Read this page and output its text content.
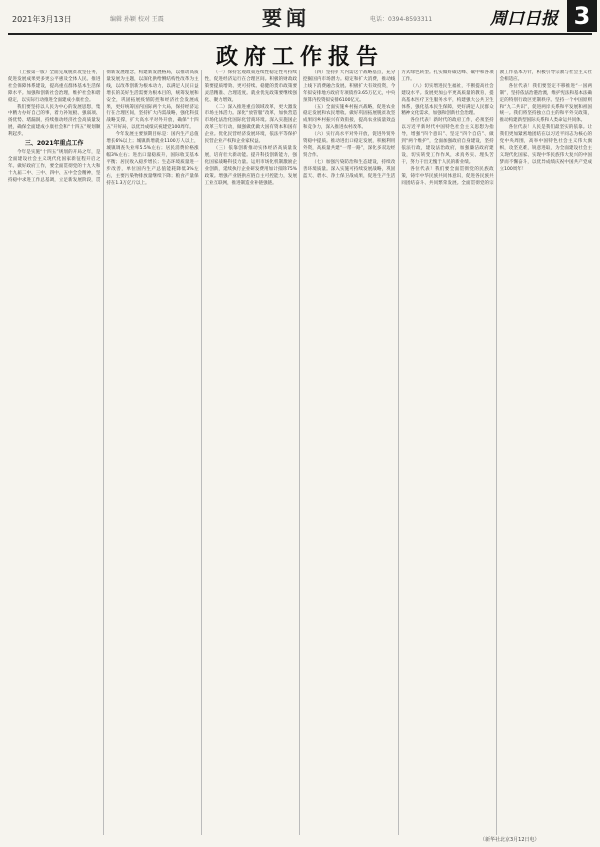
2021年3月13日	编辑 孙颖 校对 王震	要闻	电话：0394-8593311	周口日报 3
政府工作报告

（上接第一版）全面完成脱贫攻坚任务，促进发展成果更多更公平惠及全体人民。推进社会保障体系建设，提高重点群体基本生活保障水平。加强和创新社会治理，维护社会和谐稳定，以实际行动推进全面建成小康社会。

我们要坚持以人民为中心的发展思想，集中精力办好自己的事，着力补短板、强弱项、扬优势、堵漏洞，持续推动经济社会高质量发展，确保全面建成小康社会和“十四五”规划顺利起步。

三、2021年重点工作

今年是实施“十四五”规划的开局之年，是全面建设社会主义现代化国家新征程开启之年。做好政府工作，要全面贯彻党的十九大和十九届二中、三中、四中、五中全会精神，坚持稳中求进工作总基调，立足新发展阶段，贯彻新发展理念，构建新发展格局，以推动高质量发展为主题，以深化供给侧结构性改革为主线，以改革创新为根本动力，以满足人民日益增长的美好生活需要为根本目的，统筹发展和安全，巩固拓展疫情防控和经济社会发展成果，更好统筹国内国际两个大局，保持经济运行在合理区间，坚持扩大内需战略，强化科技战略支撑，扩大高水平对外开放，确保“十四五”开好局，以优异成绩庆祝建党100周年。

今年发展主要预期目标是：国内生产总值增长6%以上；城镇新增就业1100万人以上，城镇调查失业率5.5%左右；居民消费价格涨幅3%左右；进出口量稳质升，国际收支基本平衡；居民收入稳步增长；生态环境质量进一步改善，单位国内生产总值能耗降低3%左右，主要污染物排放量继续下降；粮食产量保持在1.3万亿斤以上。

（一）保持宏观政策连续性稳定性可持续性，促进经济运行在合理区间。积极的财政政策要提质增效、更可持续。稳健的货币政策要灵活精准、合理适度。就业优先政策要继续强化、聚力增效。

（二）深入推进重点领域改革，更大激发市场主体活力。深化“放管服”改革，加快营造市场化法治化国际化营商环境。深入实施国企改革三年行动，做强做优做大国有资本和国有企业。优化民营经济发展环境，依法平等保护民营企业产权和企业家权益。

（三）依靠创新推动实体经济高质量发展，培育壮大新动能。提升科技创新能力，强化国家战略科技力量。运用市场化机制激励企业创新，延续执行企业研发费用加计扣除75%政策。增强产业链供应链自主可控能力，发展工业互联网，推进制造业补链强链。

（四）坚持扩大内需这个战略基点，充分挖掘国内市场潜力。稳定和扩大消费，推动线上线下消费融合发展。积极扩大有效投资，今年拟安排地方政府专项债券3.65万亿元，中央预算内投资拟安排6100亿元。

（五）全面实施乡村振兴战略，促进农业稳定发展和农民增收。做好巩固拓展脱贫攻坚成果同乡村振兴有效衔接，提高农业质量效益和竞争力，深入推进农村改革。

（六）实行高水平对外开放，促进外贸外资稳中提质。推动进出口稳定发展，积极利用外资，高质量共建“一带一路”，深化多双边经贸合作。

（七）加强污染防治和生态建设，持续改善环境质量。深入实施可持续发展战略，巩固蓝天、碧水、净土保卫战成果，促进生产生活方式绿色转型。扎实做好碳达峰、碳中和各项工作。

（八）切实增进民生福祉，不断提高社会建设水平。发展更加公平更高质量的教育，提高基本医疗卫生服务水平，构建强大公共卫生体系，强化基本民生保障，更好满足人民群众精神文化需求，加强和创新社会治理。

各位代表！新时代的政府工作，必须坚持以习近平新时代中国特色社会主义思想为指导，增强“四个意识”、坚定“四个自信”、做到“两个维护”，全面加强政府自身建设，坚持依法行政，建设法治政府，加强廉洁政府建设，切实转变工作作风，求真务实、埋头苦干，努力干出无愧于人民的新业绩。

各位代表！我们要全面贯彻党的民族政策，铸牢中华民族共同体意识，促进各民族共同团结奋斗、共同繁荣发展。全面贯彻党的宗教工作基本方针，积极引导宗教与社会主义社会相适应。

各位代表！我们要坚定不移推进“一国两制”，坚持依法治港治澳，维护宪法和基本法确定的特别行政区宪制秩序。坚持一个中国原则和“九二共识”，促进两岸关系和平发展和祖国统一。我们将坚持独立自主的和平外交政策，推动构建新型国际关系和人类命运共同体。

各位代表！人民是我们最坚实的依靠。让我们更加紧密地团结在以习近平同志为核心的党中央周围，高举中国特色社会主义伟大旗帜，攻坚克难，锐意进取，为全面建设社会主义现代化国家、实现中华民族伟大复兴的中国梦而不懈奋斗，以优异成绩庆祝中国共产党成立100周年！

（新华社北京3月12日电）
